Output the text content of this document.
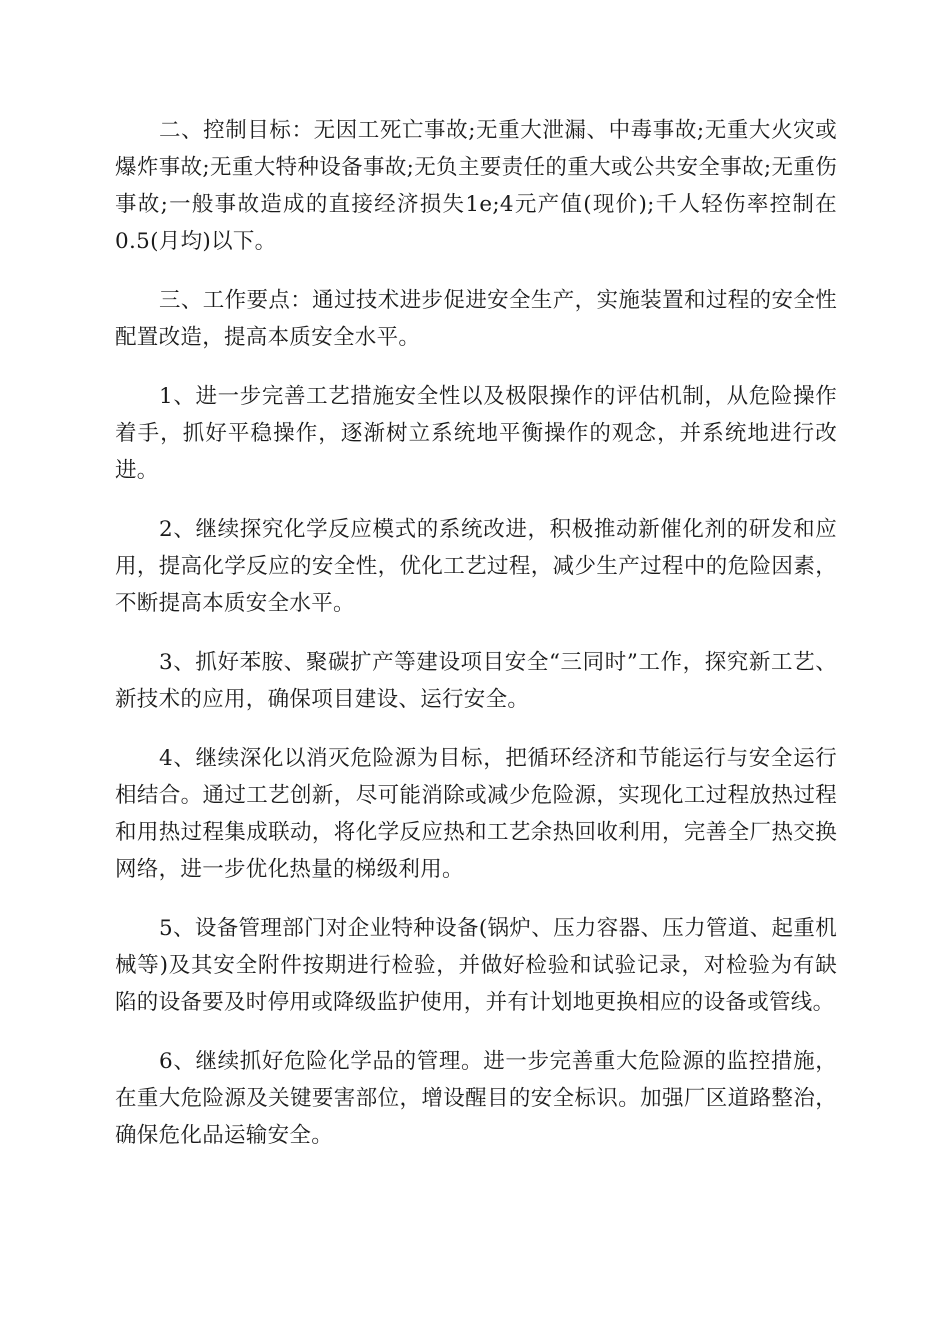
二、控制目标：无因工死亡事故;无重大泄漏、中毒事故;无重大火灾或爆炸事故;无重大特种设备事故;无负主要责任的重大或公共安全事故;无重伤事故;一般事故造成的直接经济损失1e;4元产值(现价);千人轻伤率控制在0.5(月均)以下。

三、工作要点：通过技术进步促进安全生产，实施装置和过程的安全性配置改造，提高本质安全水平。

1、进一步完善工艺措施安全性以及极限操作的评估机制，从危险操作着手，抓好平稳操作，逐渐树立系统地平衡操作的观念，并系统地进行改进。

2、继续探究化学反应模式的系统改进，积极推动新催化剂的研发和应用，提高化学反应的安全性，优化工艺过程，减少生产过程中的危险因素，不断提高本质安全水平。

3、抓好苯胺、聚碳扩产等建设项目安全“三同时”工作，探究新工艺、新技术的应用，确保项目建设、运行安全。

4、继续深化以消灭危险源为目标，把循环经济和节能运行与安全运行相结合。通过工艺创新，尽可能消除或减少危险源，实现化工过程放热过程和用热过程集成联动，将化学反应热和工艺余热回收利用，完善全厂热交换网络，进一步优化热量的梯级利用。

5、设备管理部门对企业特种设备(锅炉、压力容器、压力管道、起重机械等)及其安全附件按期进行检验，并做好检验和试验记录，对检验为有缺陷的设备要及时停用或降级监护使用，并有计划地更换相应的设备或管线。

6、继续抓好危险化学品的管理。进一步完善重大危险源的监控措施，在重大危险源及关键要害部位，增设醒目的安全标识。加强厂区道路整治，确保危化品运输安全。
